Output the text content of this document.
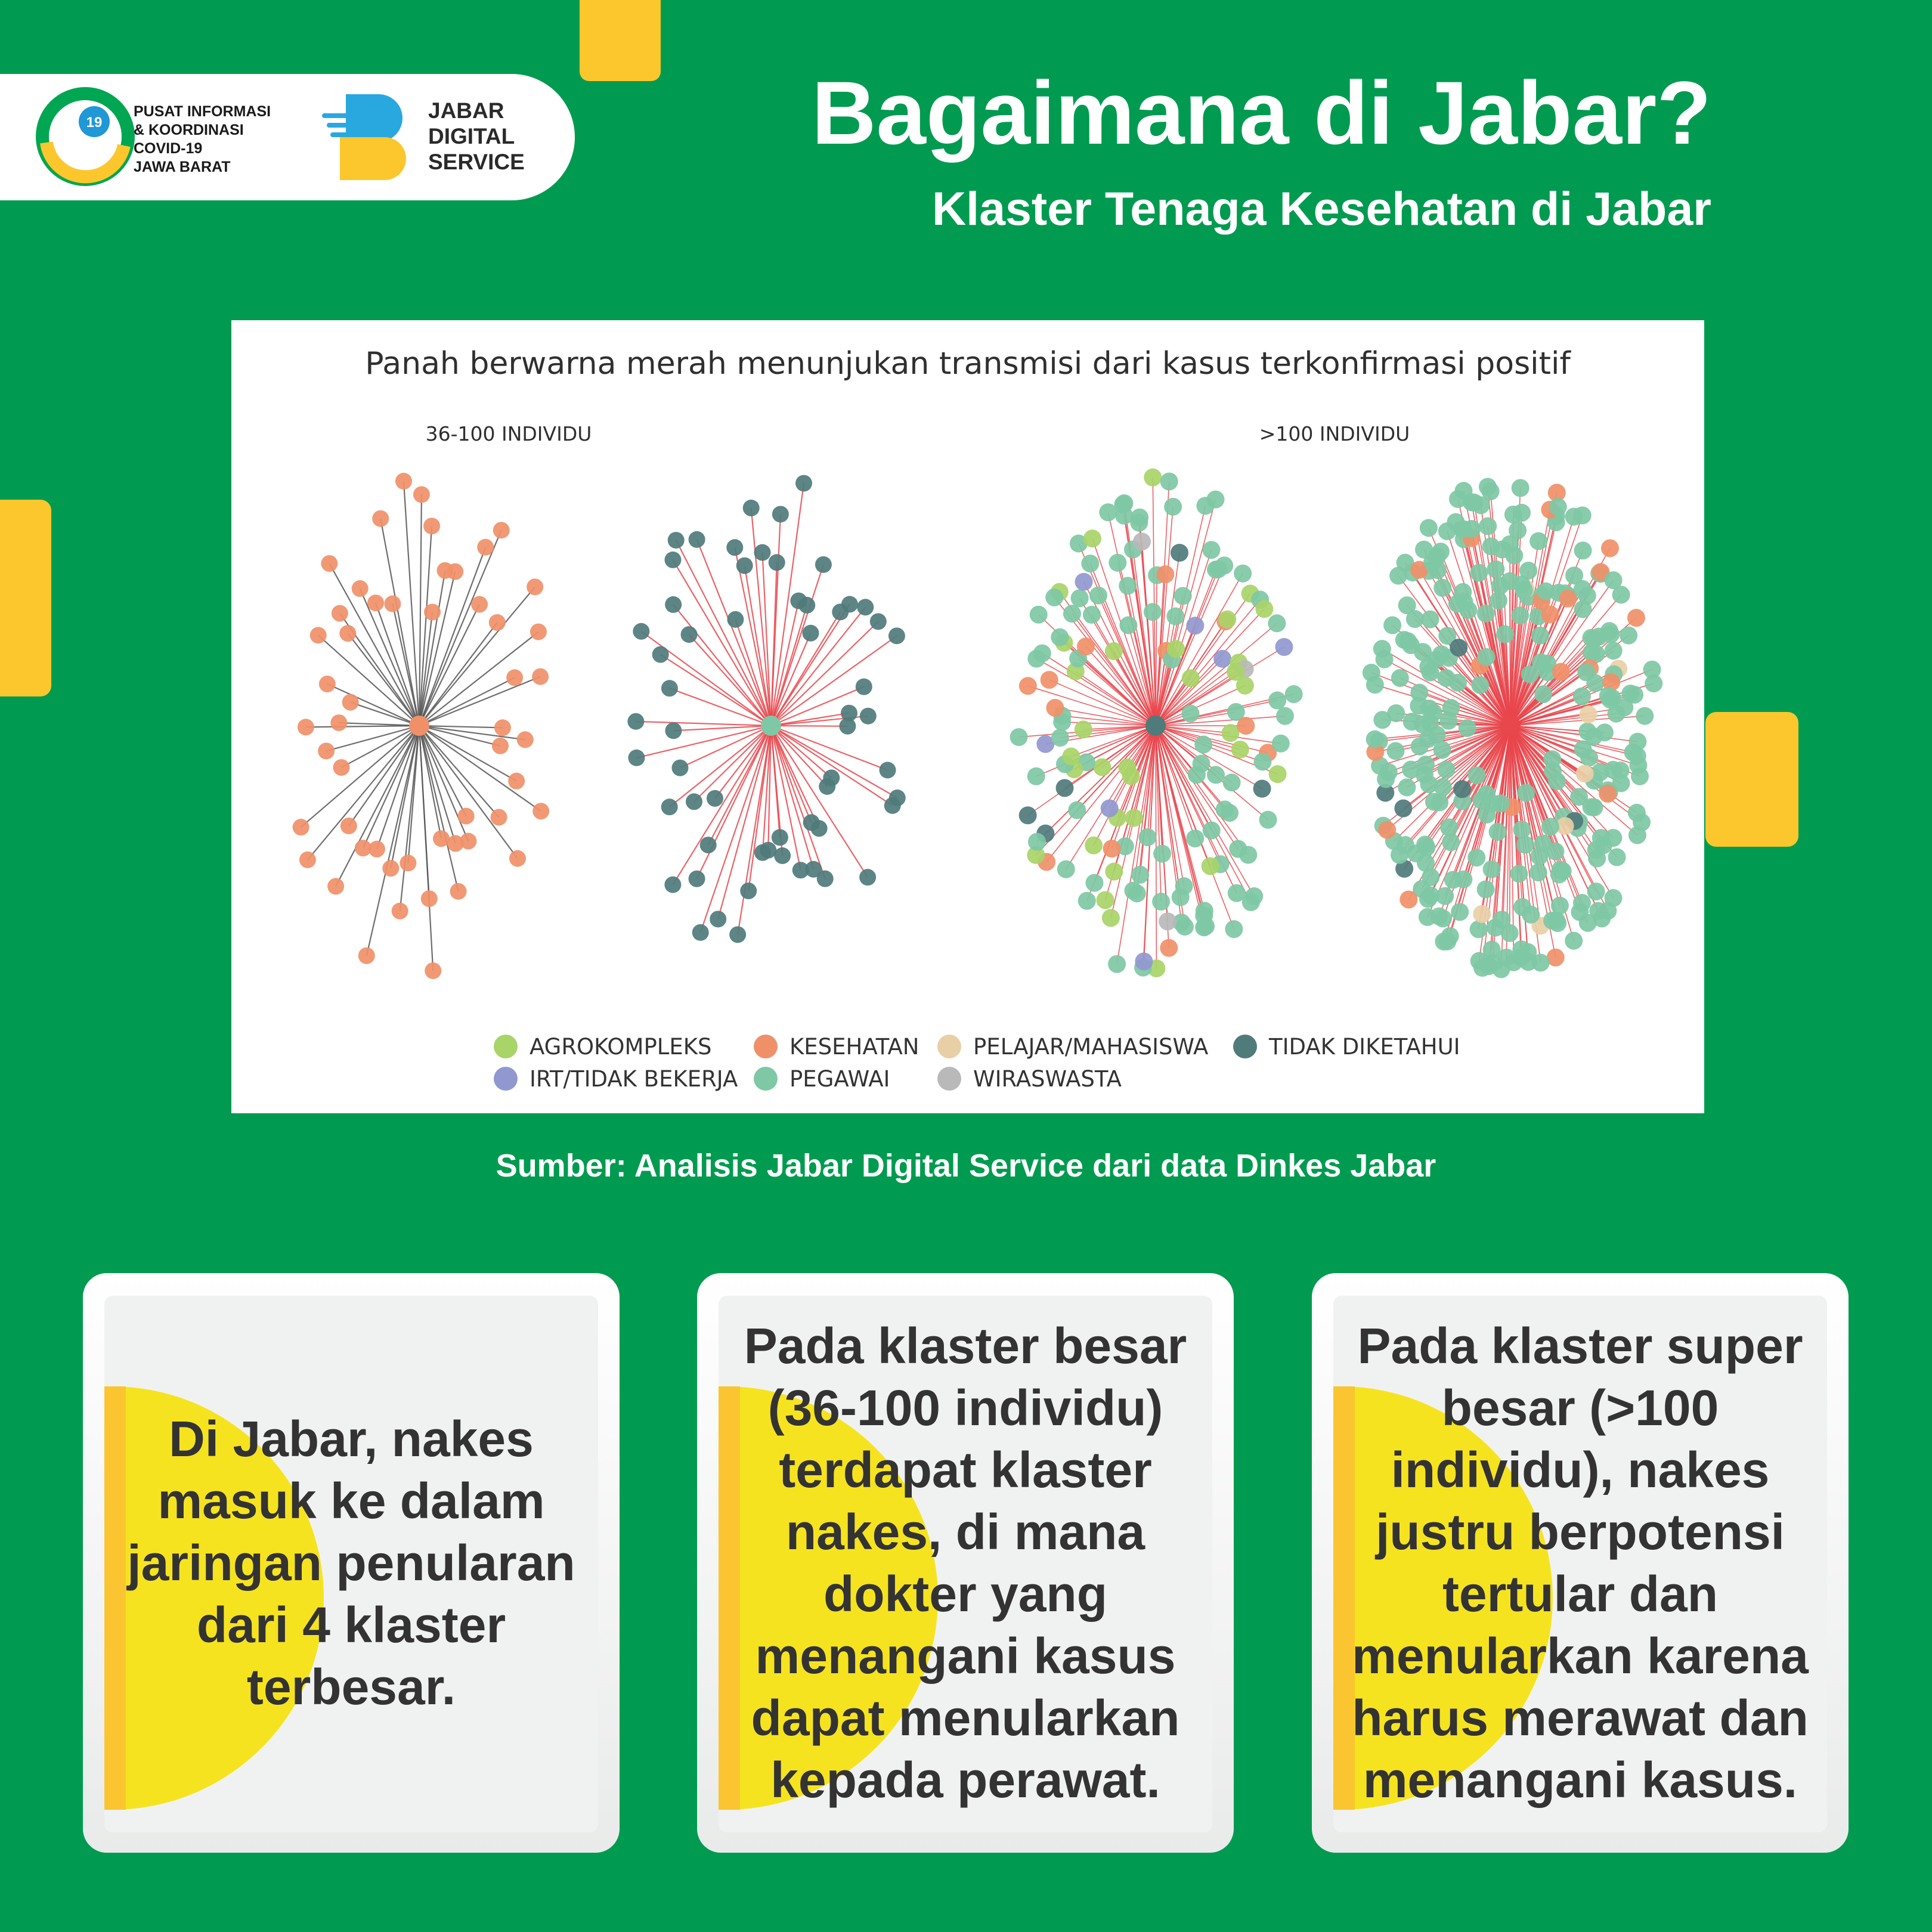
19
PUSAT INFORMASI
& KOORDINASI
COVID-19
JAWA BARAT
JABAR
DIGITAL
SERVICE	Bagaimana di Jabar?
Klaster Tenaga Kesehatan di Jabar
Panah berwarna merah menunjukan transmisi dari kasus terkonfirmasi positif
36-100 INDIVIDU	>100 INDIVIDU
AGROKOMPLEKS	KESEHATAN PELAJAR/MAHASISWA	TIDAK DIKETAHUI
IRT/TIDAK BEKERJA PEGAWAI	WIRASWASTA
Sumber: Analisis Jabar Digital Service dari data Dinkes Jabar
Di Jabar, nakes masuk ke dalam jaringan penularan dari 4 klaster terbesar.
Pada klaster besar (36-100 individu) terdapat klaster nakes, di mana dokter yang menangani kasus dapat menularkan kepada perawat.
Pada klaster super besar (>100 individu), nakes justru berpotensi tertular dan menularkan karena harus merawat dan menangani kasus.
